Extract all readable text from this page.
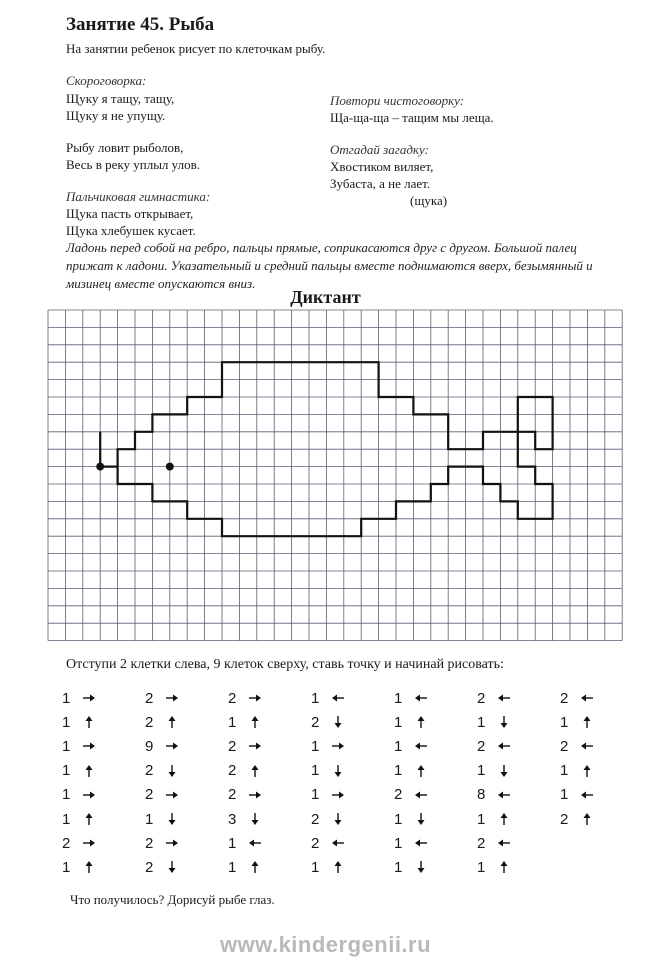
Занятие 45. Рыба
На занятии ребенок рисует по клеточкам рыбу.
Скороговорка:
Щуку я тащу, тащу,
Щуку я не упущу.
Рыбу ловит рыболов,
Весь в реку уплыл улов.
Повтори чистоговорку:
Ща-ща-ща – тащим мы леща.
Отгадай загадку:
Хвостиком виляет,
Зубаста, а не лает.
(щука)
Пальчиковая гимнастика:
Щука пасть открывает,
Щука хлебушек кусает.
Ладонь перед собой на ребро, пальцы прямые, соприкасаются друг с другом. Большой палец прижат к ладони. Указательный и средний пальцы вместе поднимаются вверх, безымянный и мизинец вместе опускаются вниз.
Диктант
Отступи 2 клетки слева, 9 клеток сверху, ставь точку и начинай рисовать:
1
1
1
1
1
1
2
1
2
2
9
2
2
1
2
2
2
1
2
2
2
3
1
1
1
2
1
1
1
2
2
1
1
1
1
1
2
1
1
1
2
1
2
1
8
1
2
1
2
1
2
1
1
2
Что получилось? Дорисуй рыбе глаз.
www.kindergenii.ru
